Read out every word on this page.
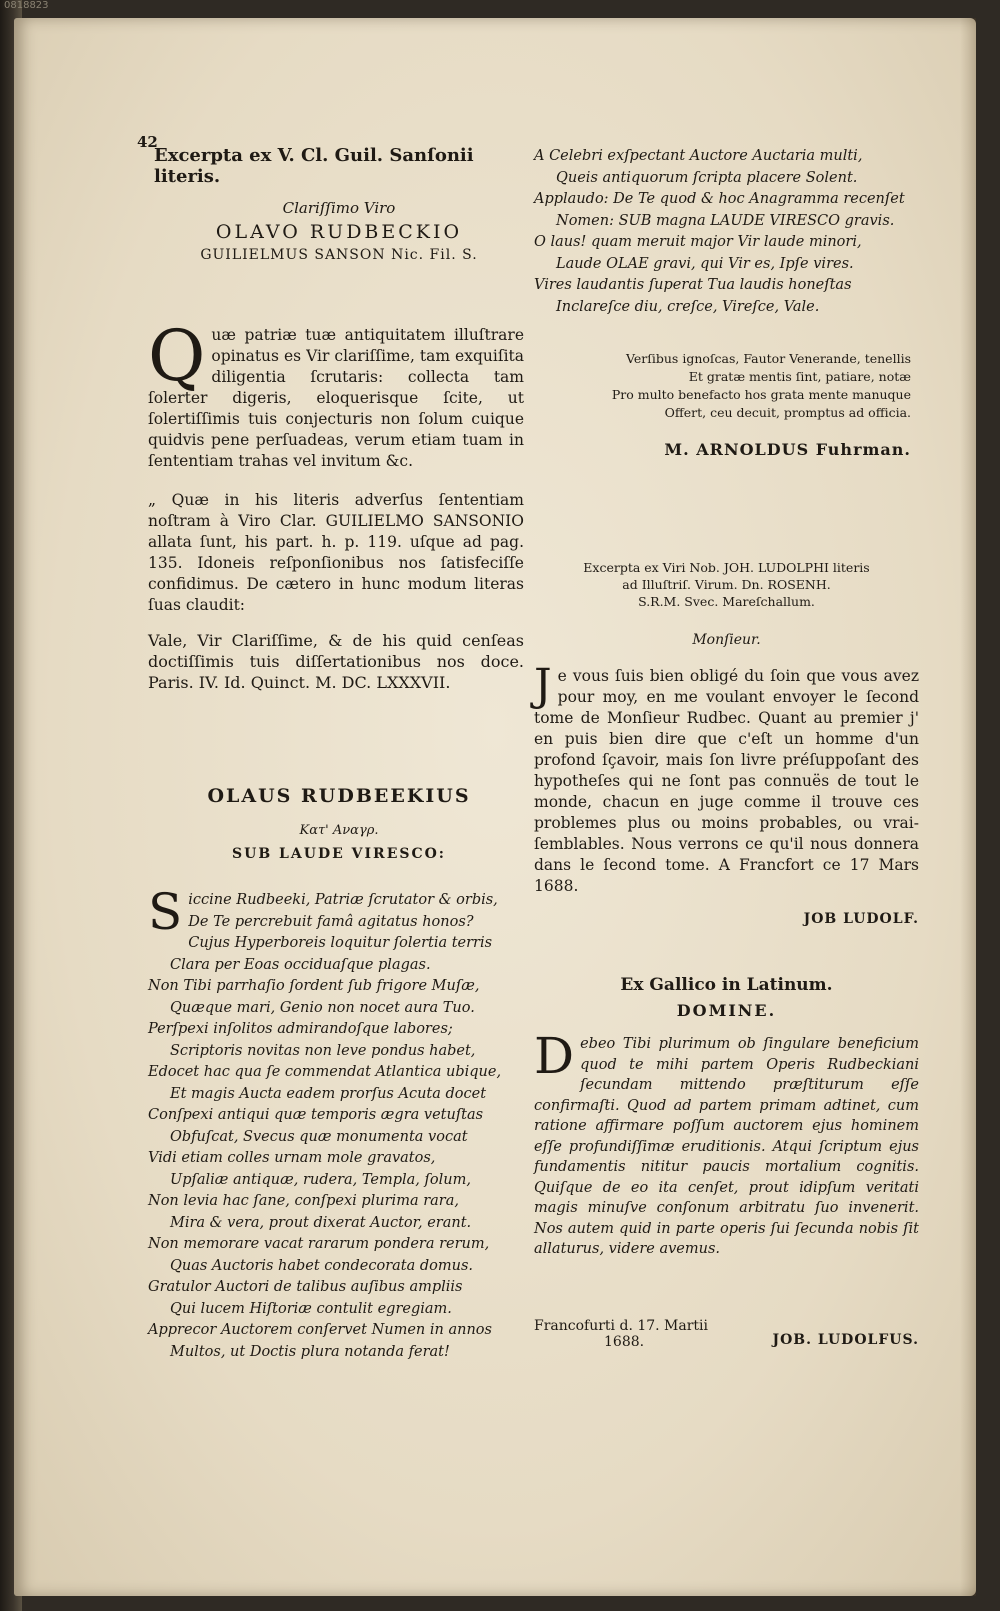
0818823
42

Excerpta ex V. Cl. Guil. Sanſonii literis.

Clariſſimo Viro
OLAVO RUDBECKIO
GUILIELMUS SANSON Nic. Fil. S.
Q uæ patriæ tuæ antiquitatem illuſtrare opinatus es Vir clariſſime, tam exquiſita diligentia ſcrutaris: collecta tam ſolerter digeris, eloquerisque ſcite, ut ſolertiſſimis tuis conjecturis non ſolum cuique quidvis pene perſuadeas, verum etiam tuam in ſententiam trahas vel invitum &c.
„ Quæ in his literis adverſus ſententiam noſtram à Viro Clar. GUILIELMO SANSONIO allata ſunt, his part. h. p. 119. uſque ad pag. 135. Idoneis reſponſionibus nos ſatisfeciſſe confidimus. De cætero in hunc modum literas ſuas claudit:
Vale, Vir Clariſſime, & de his quid cenſeas doctiſſimis tuis diſſertationibus nos doce. Paris. IV. Id. Quinct. M. DC. LXXXVII.
OLAUS RUDBEEKIUS
Κατ' Αναγρ.
SUB LAUDE VIRESCO:
S iccine Rudbeeki, Patriæ ſcrutator & orbis,
De Te percrebuit famâ agitatus honos?
Cujus Hyperboreis loquitur ſolertia terris
Clara per Eoas occiduaſque plagas.
Non Tibi parrhaſio ſordent ſub frigore Muſæ,
Quæque mari, Genio non nocet aura Tuo.
Perſpexi inſolitos admirandoſque labores;
Scriptoris novitas non leve pondus habet,
Edocet hac qua ſe commendat Atlantica ubique,
Et magis Aucta eadem prorſus Acuta docet
Conſpexi antiqui quæ temporis ægra vetuſtas
Obfuſcat, Svecus quæ monumenta vocat
Vidi etiam colles urnam mole gravatos,
Upſaliæ antiquæ, rudera, Templa, ſolum,
Non levia hac ſane, conſpexi plurima rara,
Mira & vera, prout dixerat Auctor, erant.
Non memorare vacat rararum pondera rerum,
Quas Auctoris habet condecorata domus.
Gratulor Auctori de talibus auſibus ampliis
Qui lucem Hiſtoriæ contulit egregiam.
Apprecor Auctorem conſervet Numen in annos
Multos, ut Doctis plura notanda ferat!
A Celebri exſpectant Auctore Auctaria multi,
Queis antiquorum ſcripta placere Solent.
Applaudo: De Te quod & hoc Anagramma recenſet
Nomen: SUB magna LAUDE VIRESCO gravis.
O laus! quam meruit major Vir laude minori,
Laude OLAE gravi, qui Vir es, Ipſe vires.
Vires laudantis ſuperat Tua laudis honeſtas
Inclareſce diu, creſce, Vireſce, Vale.
Verſibus ignoſcas, Fautor Venerande, tenellis
Et gratæ mentis ſint, patiare, notæ
Pro multo benefacto hos grata mente manuque
Offert, ceu decuit, promptus ad officia.
M. ARNOLDUS Fuhrman.
Excerpta ex Viri Nob. JOH. LUDOLPHI literis
ad Illuſtriſ. Virum. Dn. ROSENH.
S.R.M. Svec. Mareſchallum.
Monſieur.
J e vous ſuis bien obligé du ſoin que vous avez pour moy, en me voulant envoyer le ſecond tome de Monſieur Rudbec. Quant au premier j' en puis bien dire que c'eſt un homme d'un profond ſçavoir, mais ſon livre préſuppoſant des hypotheſes qui ne ſont pas connuës de tout le monde, chacun en juge comme il trouve ces problemes plus ou moins probables, ou vrai-ſemblables. Nous verrons ce qu'il nous donnera dans le ſecond tome. A Francfort ce 17 Mars 1688.
JOB LUDOLF.
Ex Gallico in Latinum.
DOMINE.
D ebeo Tibi plurimum ob ſingulare beneficium quod te mihi partem Operis Rudbeckiani ſecundam mittendo præſtiturum eſſe confirmaſti. Quod ad partem primam adtinet, cum ratione affirmare poſſum auctorem ejus hominem eſſe profundiſſimæ eruditionis. Atqui ſcriptum ejus fundamentis nititur paucis mortalium cognitis. Quiſque de eo ita cenſet, prout idipſum veritati magis minuſve conſonum arbitratu ſuo invenerit. Nos autem quid in parte operis ſui ſecunda nobis ſit allaturus, videre avemus.
Francofurti d. 17. Martii
1688.	JOB. LUDOLFUS.
